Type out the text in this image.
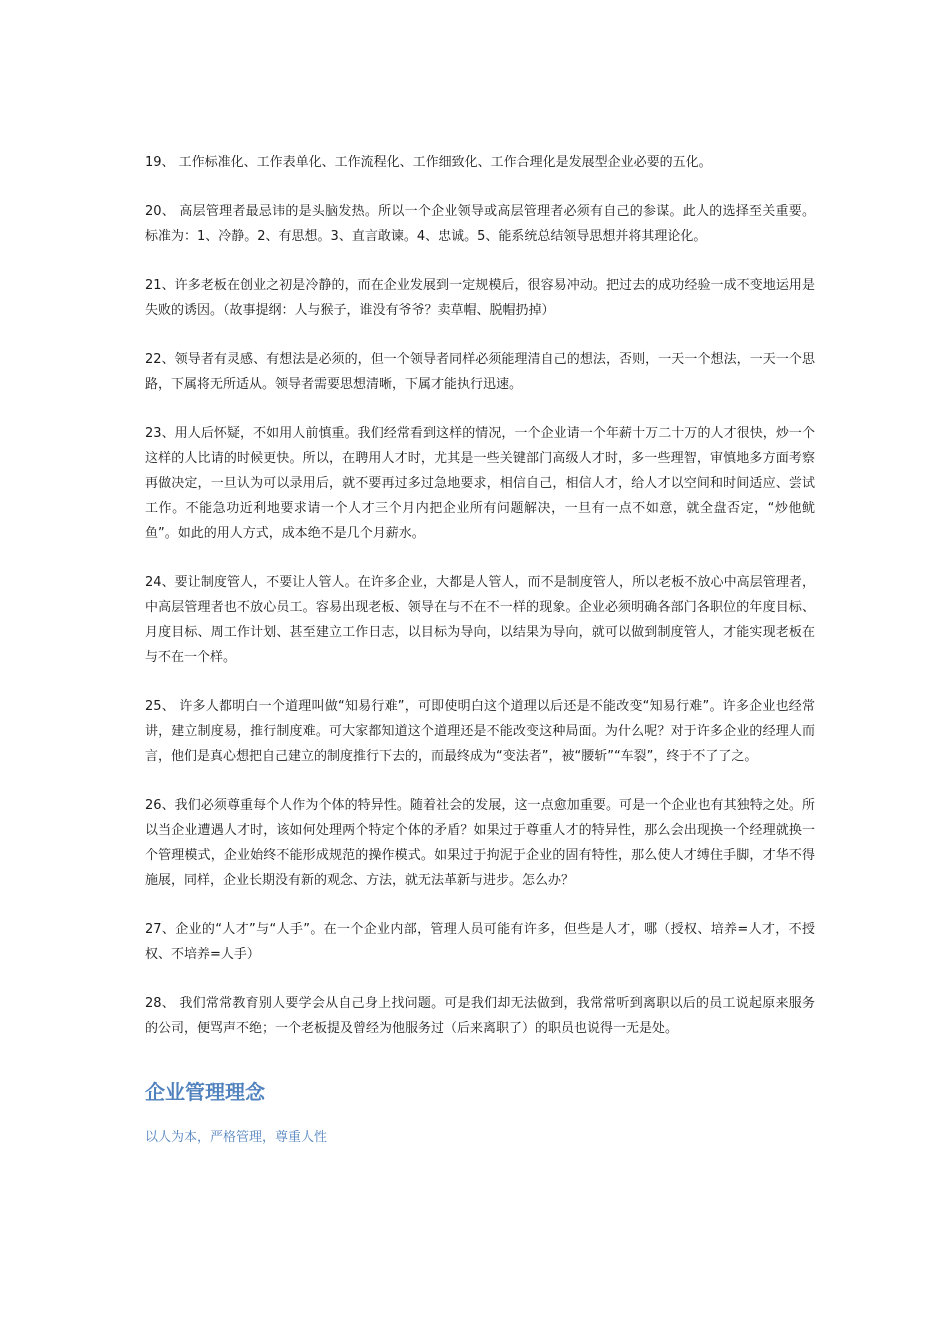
19、 工作标准化、工作表单化、工作流程化、工作细致化、工作合理化是发展型企业必要的五化。

20、 高层管理者最忌讳的是头脑发热。所以一个企业领导或高层管理者必须有自己的参谋。此人的选择至关重要。标准为：1、冷静。2、有思想。3、直言敢谏。4、忠诚。5、能系统总结领导思想并将其理论化。

21、许多老板在创业之初是冷静的，而在企业发展到一定规模后，很容易冲动。把过去的成功经验一成不变地运用是失败的诱因。（故事提纲：人与猴子，谁没有爷爷？卖草帽、脱帽扔掉）

22、领导者有灵感、有想法是必须的，但一个领导者同样必须能理清自己的想法，否则，一天一个想法，一天一个思路，下属将无所适从。领导者需要思想清晰，下属才能执行迅速。

23、用人后怀疑，不如用人前慎重。我们经常看到这样的情况，一个企业请一个年薪十万二十万的人才很快，炒一个这样的人比请的时候更快。所以，在聘用人才时，尤其是一些关键部门高级人才时，多一些理智，审慎地多方面考察再做决定，一旦认为可以录用后，就不要再过多过急地要求，相信自己，相信人才，给人才以空间和时间适应、尝试工作。不能急功近利地要求请一个人才三个月内把企业所有问题解决，一旦有一点不如意，就全盘否定，“炒他鱿鱼”。如此的用人方式，成本绝不是几个月薪水。

24、要让制度管人，不要让人管人。在许多企业，大都是人管人，而不是制度管人，所以老板不放心中高层管理者，中高层管理者也不放心员工。容易出现老板、领导在与不在不一样的现象。企业必须明确各部门各职位的年度目标、月度目标、周工作计划、甚至建立工作日志，以目标为导向，以结果为导向，就可以做到制度管人，才能实现老板在与不在一个样。

25、 许多人都明白一个道理叫做“知易行难”，可即使明白这个道理以后还是不能改变“知易行难”。许多企业也经常讲，建立制度易，推行制度难。可大家都知道这个道理还是不能改变这种局面。为什么呢？对于许多企业的经理人而言，他们是真心想把自己建立的制度推行下去的，而最终成为“变法者”，被“腰斩”“车裂”，终于不了了之。

26、我们必须尊重每个人作为个体的特异性。随着社会的发展，这一点愈加重要。可是一个企业也有其独特之处。所以当企业遭遇人才时，该如何处理两个特定个体的矛盾？如果过于尊重人才的特异性，那么会出现换一个经理就换一个管理模式，企业始终不能形成规范的操作模式。如果过于拘泥于企业的固有特性，那么使人才缚住手脚，才华不得施展，同样，企业长期没有新的观念、方法，就无法革新与进步。怎么办？

27、企业的“人才”与“人手”。在一个企业内部，管理人员可能有许多，但些是人才，哪（授权、培养=人才，不授权、不培养=人手）

28、 我们常常教育别人要学会从自己身上找问题。可是我们却无法做到，我常常听到离职以后的员工说起原来服务的公司，便骂声不绝；一个老板提及曾经为他服务过（后来离职了）的职员也说得一无是处。

企业管理理念

以人为本，严格管理，尊重人性
